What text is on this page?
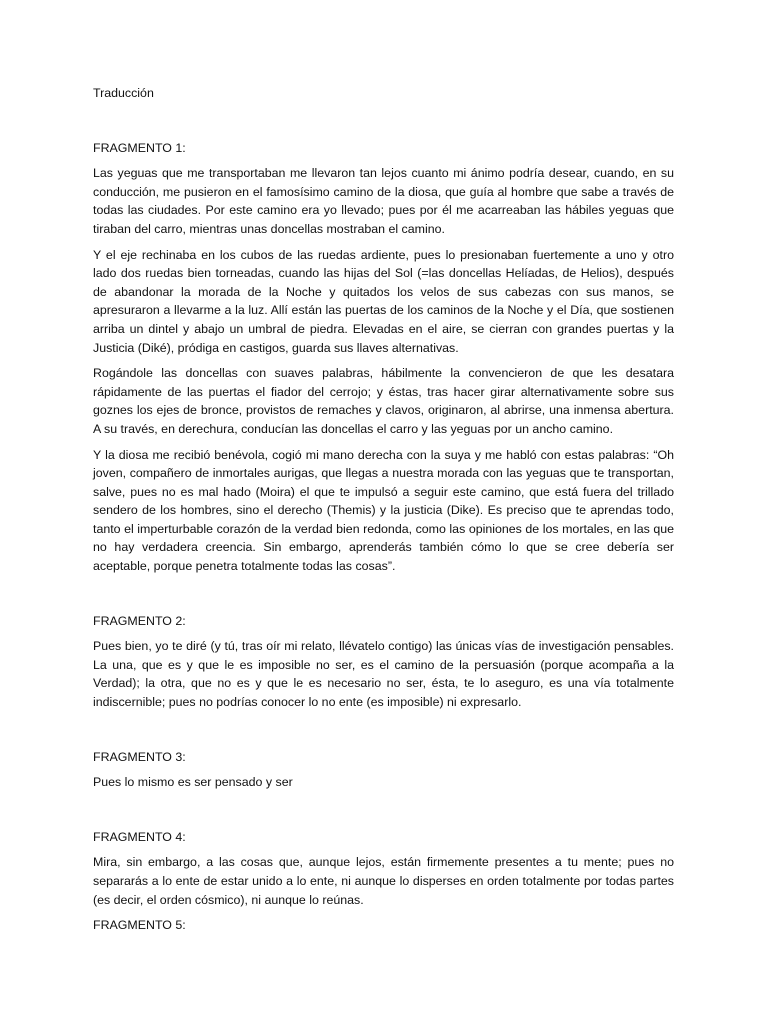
Traducción
FRAGMENTO 1:

Las yeguas que me transportaban me llevaron tan lejos cuanto mi ánimo podría desear, cuando, en su conducción, me pusieron en el famosísimo camino de la diosa, que guía al hombre que sabe a través de todas las ciudades. Por este camino era yo llevado; pues por él me acarreaban las hábiles yeguas que tiraban del carro, mientras unas doncellas mostraban el camino.

Y el eje rechinaba en los cubos de las ruedas ardiente, pues lo presionaban fuertemente a uno y otro lado dos ruedas bien torneadas, cuando las hijas del Sol (=las doncellas Helíadas, de Helios), después de abandonar la morada de la Noche y quitados los velos de sus cabezas con sus manos, se apresuraron a llevarme a la luz. Allí están las puertas de los caminos de la Noche y el Día, que sostienen arriba un dintel y abajo un umbral de piedra. Elevadas en el aire, se cierran con grandes puertas y la Justicia (Diké), pródiga en castigos, guarda sus llaves alternativas.

Rogándole las doncellas con suaves palabras, hábilmente la convencieron de que les desatara rápidamente de las puertas el fiador del cerrojo; y éstas, tras hacer girar alternativamente sobre sus goznes los ejes de bronce, provistos de remaches y clavos, originaron, al abrirse, una inmensa abertura. A su través, en derechura, conducían las doncellas el carro y las yeguas por un ancho camino.

Y la diosa me recibió benévola, cogió mi mano derecha con la suya y me habló con estas palabras: “Oh joven, compañero de inmortales aurigas, que llegas a nuestra morada con las yeguas que te transportan, salve, pues no es mal hado (Moira) el que te impulsó a seguir este camino, que está fuera del trillado sendero de los hombres, sino el derecho (Themis) y la justicia (Dike). Es preciso que te aprendas todo, tanto el imperturbable corazón de la verdad bien redonda, como las opiniones de los mortales, en las que no hay verdadera creencia. Sin embargo, aprenderás también cómo lo que se cree debería ser aceptable, porque penetra totalmente todas las cosas”.

FRAGMENTO 2:

Pues bien, yo te diré (y tú, tras oír mi relato, llévatelo contigo) las únicas vías de investigación pensables. La una, que es y que le es imposible no ser, es el camino de la persuasión (porque acompaña a la Verdad); la otra, que no es y que le es necesario no ser, ésta, te lo aseguro, es una vía totalmente indiscernible; pues no podrías conocer lo no ente (es imposible) ni expresarlo.

FRAGMENTO 3:

Pues lo mismo es ser pensado y ser

FRAGMENTO 4:

Mira, sin embargo, a las cosas que, aunque lejos, están firmemente presentes a tu mente; pues no separarás a lo ente de estar unido a lo ente, ni aunque lo disperses en orden totalmente por todas partes (es decir, el orden cósmico), ni aunque lo reúnas.

FRAGMENTO 5:
